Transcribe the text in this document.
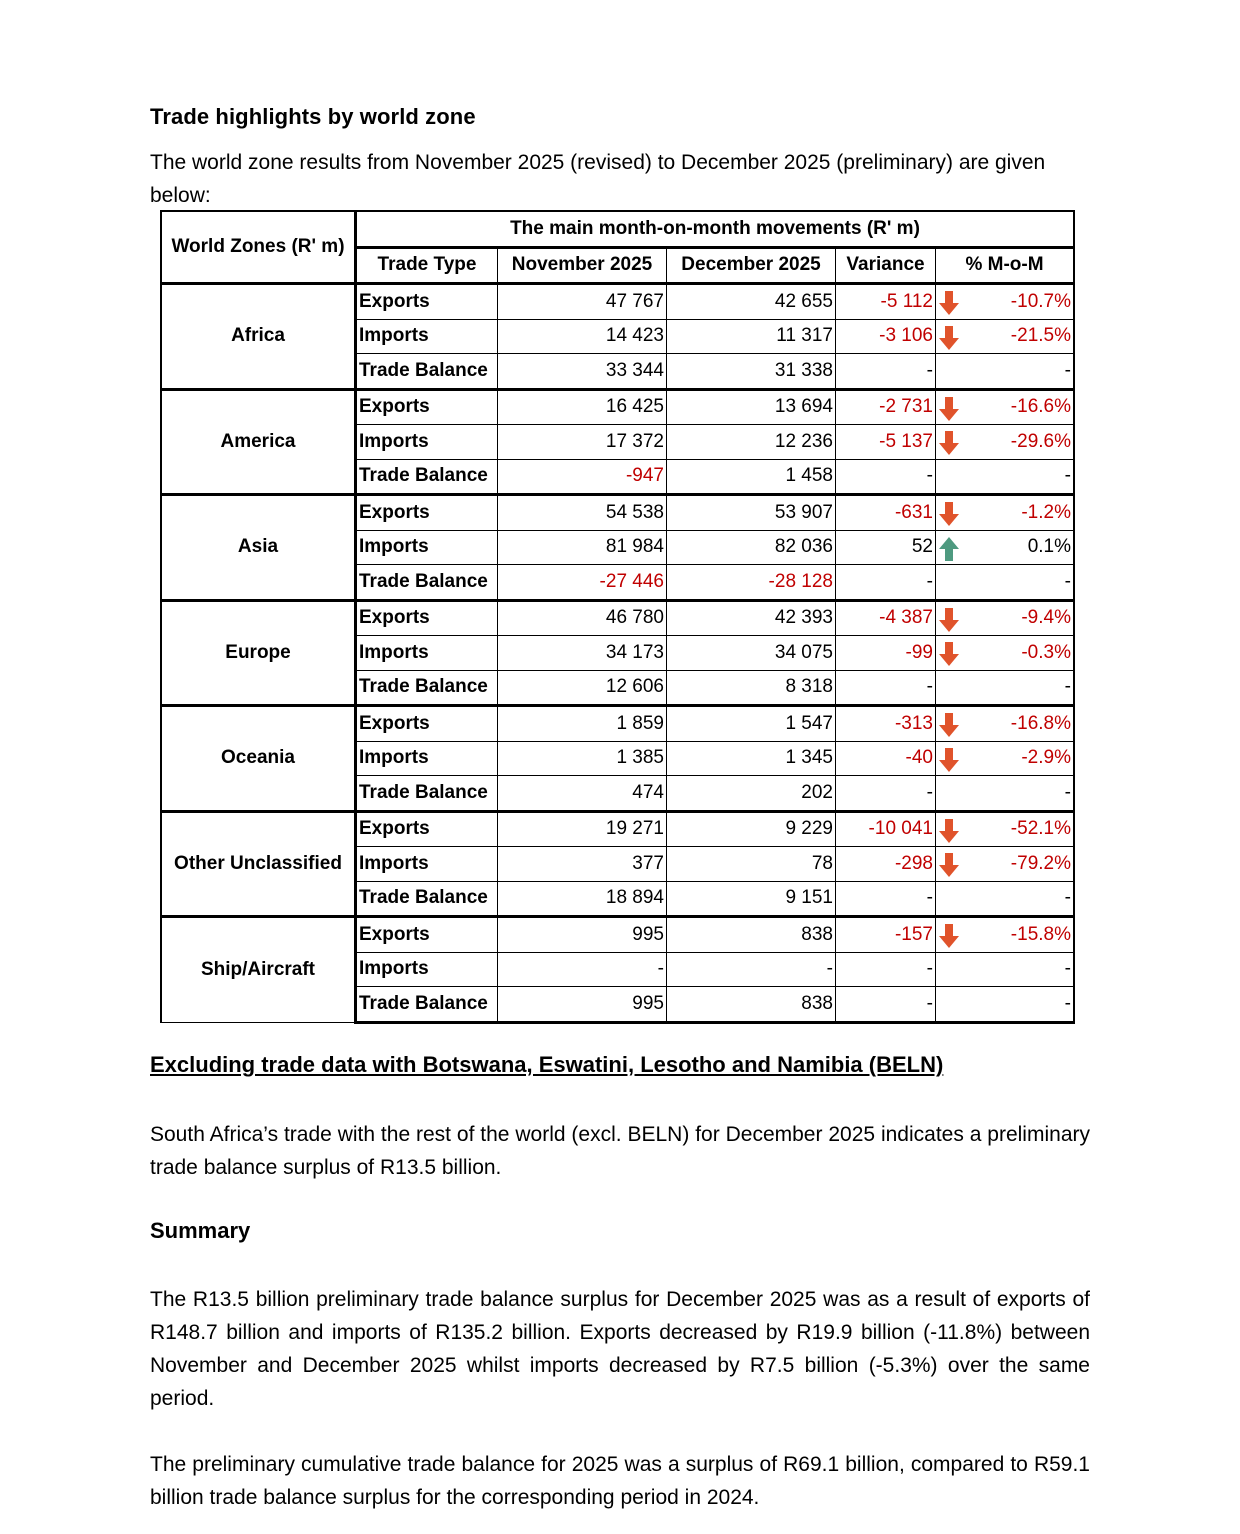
Trade highlights by world zone
The world zone results from November 2025 (revised) to December 2025 (preliminary) are given below:
World Zones (R' m)	The main month-on-month movements (R' m)				
	Trade Type	November 2025	December 2025	Variance	% M-o-M
Africa	Exports	47 767	42 655	-5 112	-10.7%
	Imports	14 423	11 317	-3 106	-21.5%
	Trade Balance	33 344	31 338	-	-
America	Exports	16 425	13 694	-2 731	-16.6%
	Imports	17 372	12 236	-5 137	-29.6%
	Trade Balance	-947	1 458	-	-
Asia	Exports	54 538	53 907	-631	-1.2%
	Imports	81 984	82 036	52	0.1%
	Trade Balance	-27 446	-28 128	-	-
Europe	Exports	46 780	42 393	-4 387	-9.4%
	Imports	34 173	34 075	-99	-0.3%
	Trade Balance	12 606	8 318	-	-
Oceania	Exports	1 859	1 547	-313	-16.8%
	Imports	1 385	1 345	-40	-2.9%
	Trade Balance	474	202	-	-
Other Unclassified	Exports	19 271	9 229	-10 041	-52.1%
	Imports	377	78	-298	-79.2%
	Trade Balance	18 894	9 151	-	-
Ship/Aircraft	Exports	995	838	-157	-15.8%
	Imports	-	-	-	-
	Trade Balance	995	838	-	-
Excluding trade data with Botswana, Eswatini, Lesotho and Namibia (BELN)
South Africa’s trade with the rest of the world (excl. BELN) for December 2025 indicates a preliminary trade balance surplus of R13.5 billion.
Summary
The R13.5 billion preliminary trade balance surplus for December 2025 was as a result of exports of R148.7 billion and imports of R135.2 billion. Exports decreased by R19.9 billion (-11.8%) between November and December 2025 whilst imports decreased by R7.5 billion (-5.3%) over the same period.
The preliminary cumulative trade balance for 2025 was a surplus of R69.1 billion, compared to R59.1 billion trade balance surplus for the corresponding period in 2024.
